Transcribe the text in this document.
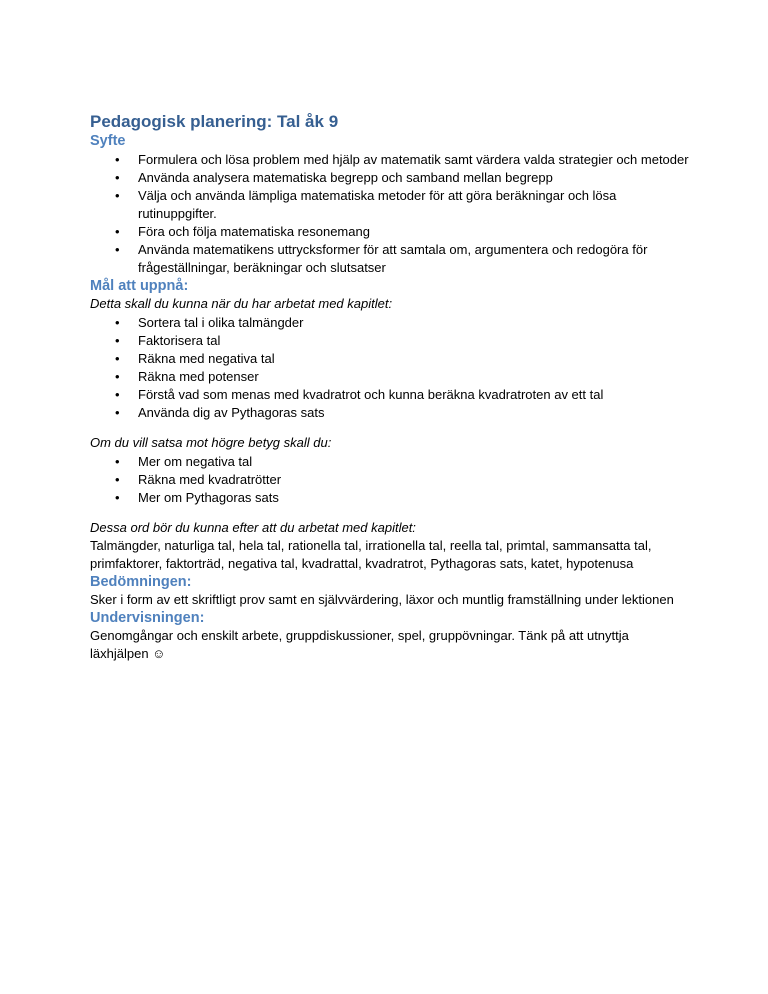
Pedagogisk planering: Tal åk 9
Syfte
• Formulera och lösa problem med hjälp av matematik samt värdera valda strategier och metoder
• Använda analysera matematiska begrepp och samband mellan begrepp
• Välja och använda lämpliga matematiska metoder för att göra beräkningar och lösa rutinuppgifter.
• Föra och följa matematiska resonemang
• Använda matematikens uttrycksformer för att samtala om, argumentera och redogöra för frågeställningar, beräkningar och slutsatser
Mål att uppnå:

Detta skall du kunna när du har arbetat med kapitlet:

• Sortera tal i olika talmängder
• Faktorisera tal
• Räkna med negativa tal
• Räkna med potenser
• Förstå vad som menas med kvadratrot och kunna beräkna kvadratroten av ett tal
• Använda dig av Pythagoras sats

Om du vill satsa mot högre betyg skall du:

• Mer om negativa tal
• Räkna med kvadratrötter
• Mer om Pythagoras sats

Dessa ord bör du kunna efter att du arbetat med kapitlet:

Talmängder, naturliga tal, hela tal, rationella tal, irrationella tal, reella tal, primtal, sammansatta tal, primfaktorer, faktorträd, negativa tal, kvadrattal, kvadratrot, Pythagoras sats, katet, hypotenusa

Bedömningen:

Sker i form av ett skriftligt prov samt en självvärdering, läxor och muntlig framställning under lektionen

Undervisningen:

Genomgångar och enskilt arbete, gruppdiskussioner, spel, gruppövningar. Tänk på att utnyttja läxhjälpen ☺
